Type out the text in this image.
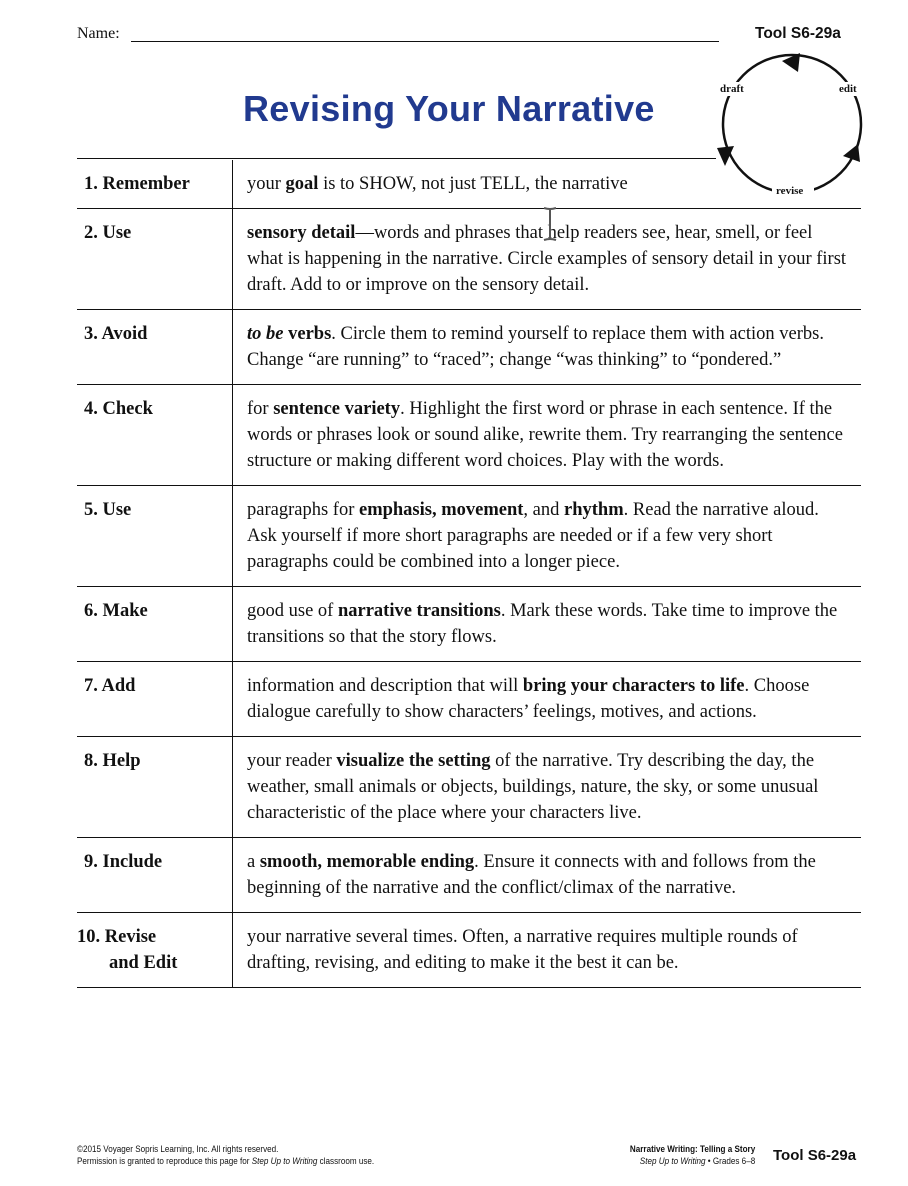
Name:	Tool S6-29a
Revising Your Narrative	draft	edit
revise
1. Remember	your goal is to SHOW, not just TELL, the narrative

2. Use	sensory detail—words and phrases that help readers see, hear, smell, or feel what is happening in the narrative. Circle examples of sensory detail in your first draft. Add to or improve on the sensory detail.

3. Avoid	to be verbs. Circle them to remind yourself to replace them with action verbs. Change “are running” to “raced”; change “was thinking” to “pondered.”

4. Check	for sentence variety. Highlight the first word or phrase in each sentence. If the words or phrases look or sound alike, rewrite them. Try rearranging the sentence structure or making different word choices. Play with the words.

5. Use	paragraphs for emphasis, movement, and rhythm. Read the narrative aloud. Ask yourself if more short paragraphs are needed or if a few very short paragraphs could be combined into a longer piece.

6. Make	good use of narrative transitions. Mark these words. Take time to improve the transitions so that the story flows.

7. Add	information and description that will bring your characters to life. Choose dialogue carefully to show characters’ feelings, motives, and actions.

8. Help	your reader visualize the setting of the narrative. Try describing the day, the weather, small animals or objects, buildings, nature, the sky, or some unusual characteristic of the place where your characters live.

9. Include	a smooth, memorable ending. Ensure it connects with and follows from the beginning of the narrative and the conflict/climax of the narrative.

10. Revise
and Edit	your narrative several times. Often, a narrative requires multiple rounds of drafting, revising, and editing to make it the best it can be.
©2015 Voyager Sopris Learning, Inc. All rights reserved.
Permission is granted to reproduce this page for Step Up to Writing classroom use.
Narrative Writing: Telling a Story
Step Up to Writing • Grades 6–8 Tool S6-29a
